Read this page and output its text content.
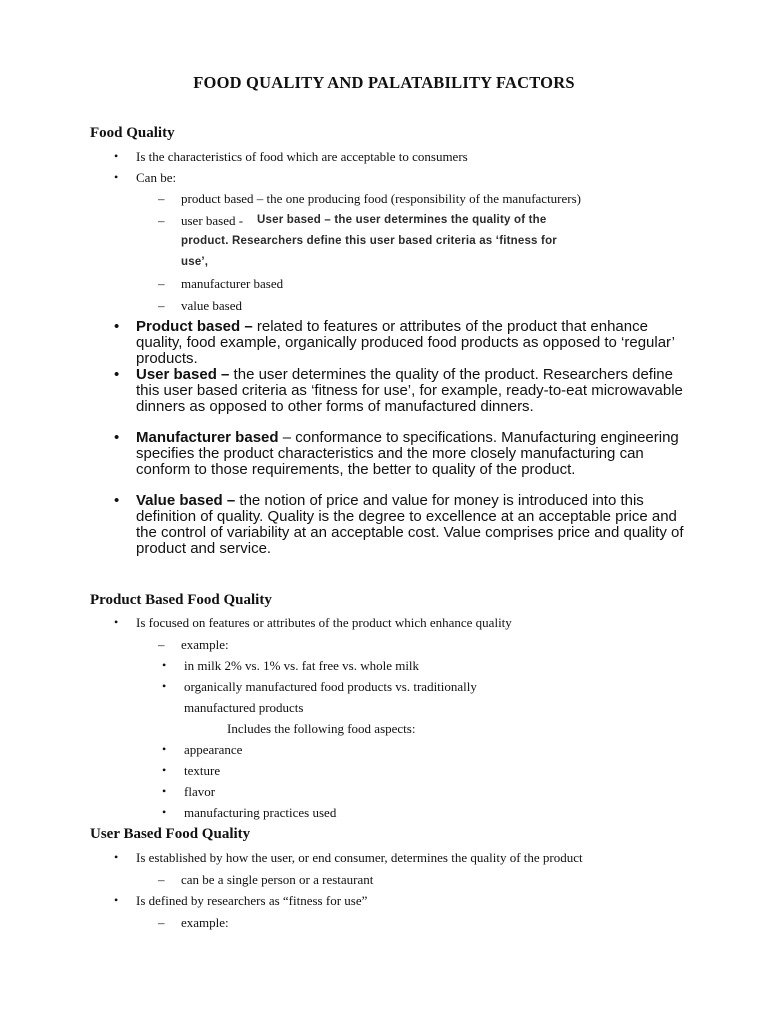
FOOD QUALITY AND PALATABILITY FACTORS
Food Quality
• Is the characteristics of food which are acceptable to consumers
• Can be:
– product based – the one producing food (responsibility of the manufacturers)
– user based - User based – the user determines the quality of the
product. Researchers define this user based criteria as ‘fitness for
use’,
– manufacturer based
– value based
• Product based – related to features or attributes of the product that enhance quality, food example, organically produced food products as opposed to ‘regular’ products.
• User based – the user determines the quality of the product. Researchers define this user based criteria as ‘fitness for use’, for example, ready-to-eat microwavable dinners as opposed to other forms of manufactured dinners.
• Manufacturer based – conformance to specifications. Manufacturing engineering specifies the product characteristics and the more closely manufacturing can conform to those requirements, the better to quality of the product.
• Value based – the notion of price and value for money is introduced into this definition of quality. Quality is the degree to excellence at an acceptable price and the control of variability at an acceptable cost. Value comprises price and quality of product and service.
Product Based Food Quality
• Is focused on features or attributes of the product which enhance quality
– example:
• in milk 2% vs. 1% vs. fat free vs. whole milk
• organically manufactured food products vs. traditionally
manufactured products
Includes the following food aspects:
• appearance
• texture
• flavor
• manufacturing practices used
User Based Food Quality
• Is established by how the user, or end consumer, determines the quality of the product
– can be a single person or a restaurant
• Is defined by researchers as “fitness for use”
– example:
